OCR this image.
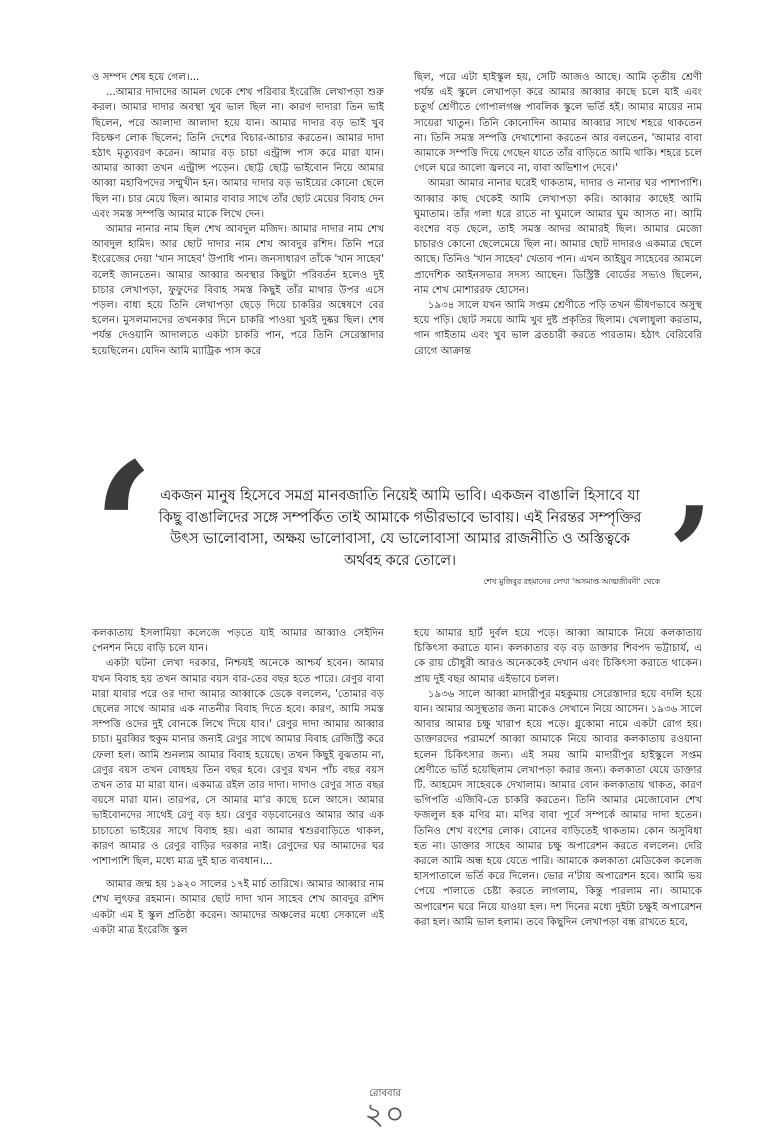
ও সম্পদ শেষ হয়ে গেল।...

...আমার দাদাদের আমল থেকে শেখ পরিবার ইংরেজি লেখাপড়া শুরু করল। আমার দাদার অবস্থা খুব ভাল ছিল না। কারণ দাদারা তিন ভাই ছিলেন, পরে আলাদা আলাদা হয়ে যান। আমার দাদার বড় ভাই খুব বিচক্ষণ লোক ছিলেন; তিনি দেশের বিচার-আচার করতেন। আমার দাদা হঠাৎ মৃত্যুবরণ করেন। আমার বড় চাচা এন্ট্রান্স পাস করে মারা যান। আমার আব্বা তখন এন্ট্রান্স পড়েন। ছোট্ট ছোট্ট ভাইবোন নিয়ে আমার আব্বা মহাবিপদের সম্মুখীন হন। আমার দাদার বড় ভাইয়ের কোনো ছেলে ছিল না। চার মেয়ে ছিল। আমার বাবার সাথে তাঁর ছোট মেয়ের বিবাহ দেন এবং সমস্ত সম্পত্তি আমার মাকে লিখে দেন।

আমার নানার নাম ছিল শেখ আবদুল মজিদ। আমার দাদার নাম শেখ আবদুল হামিদ। আর ছোট দাদার নাম শেখ আবদুর রশিদ। তিনি পরে ইংরেজের দেয়া 'খান সাহেব' উপাধি পান। জনসাধারণ তাঁকে 'খান সাহেব' বলেই জানতেন। আমার আব্বার অবস্থার কিছুটা পরিবর্তন হলেও দুই চাচার লেখাপড়া, ফুফুদের বিবাহ সমস্ত কিছুই তাঁর মাথার উপর এসে পড়ল। বাধ্য হয়ে তিনি লেখাপড়া ছেড়ে দিয়ে চাকরির অন্বেষণে বের হলেন। মুসলমানদের তখনকার দিনে চাকরি পাওয়া খুবই দুষ্কর ছিল। শেষ পর্যন্ত দেওয়ানি আদালতে একটা চাকরি পান, পরে তিনি সেরেস্তাদার হয়েছিলেন। যেদিন আমি ম্যাট্রিক পাস করে

ছিল, পরে এটা হাইস্কুল হয়, সেটি আজও আছে। আমি তৃতীয় শ্রেণী পর্যন্ত এই স্কুলে লেখাপড়া করে আমার আব্বার কাছে চলে যাই এবং চতুর্থ শ্রেণীতে গোপালগঞ্জ পাবলিক স্কুলে ভর্তি হই। আমার মায়ের নাম সায়েরা খাতুন। তিনি কোনোদিন আমার আব্বার সাথে শহরে থাকতেন না। তিনি সমস্ত সম্পত্তি দেখাশোনা করতেন আর বলতেন, 'আমার বাবা আমাকে সম্পত্তি দিয়ে গেছেন যাতে তাঁর বাড়িতে আমি থাকি। শহরে চলে গেলে ঘরে আলো জ্বলবে না, বাবা অভিশাপ দেবে।'

আমরা আমার নানার ঘরেই থাকতাম, দাদার ও নানার ঘর পাশাপাশি। আব্বার কাছ থেকেই আমি লেখাপড়া করি। আব্বার কাছেই আমি ঘুমাতাম। তাঁর গলা ধরে রাতে না ঘুমালে আমার ঘুম আসত না। আমি বংশের বড় ছেলে, তাই সমস্ত আদর আমারই ছিল। আমার মেজো চাচারও কোনো ছেলেমেয়ে ছিল না। আমার ছোট দাদারও একমাত্র ছেলে আছে। তিনিও 'খান সাহেব' খেতাব পান। এখন আইয়ুব সাহেবের আমলে প্রাদেশিক আইনসভার সদস্য আছেন। ডিস্ট্রিক্ট বোর্ডের সভ্যও ছিলেন, নাম শেখ মোশাররফ হোসেন।

১৯৩৪ সালে যখন আমি সপ্তম শ্রেণীতে পড়ি তখন ভীষণভাবে অসুস্থ হয়ে পড়ি। ছোট সময়ে আমি খুব দুষ্ট প্রকৃতির ছিলাম। খেলাধুলা করতাম, গান গাইতাম এবং খুব ভাল ব্রতচারী করতে পারতাম। হঠাৎ বেরিবেরি রোগে আক্রান্ত

‘ একজন মানুষ হিসেবে সমগ্র মানবজাতি নিয়েই আমি ভাবি। একজন বাঙালি হিসাবে যা কিছু বাঙালিদের সঙ্গে সম্পর্কিত তাই আমাকে গভীরভাবে ভাবায়। এই নিরন্তর সম্পৃক্তির উৎস ভালোবাসা, অক্ষয় ভালোবাসা, যে ভালোবাসা আমার রাজনীতি ও অস্তিত্বকে অর্থবহ করে তোলে।
শেখ মুজিবুর রহমানের লেখা 'অসমাপ্ত আত্মজীবনী' থেকে ’

কলকাতায় ইসলামিয়া কলেজে পড়তে যাই আমার আব্বাও সেইদিন পেনশন নিয়ে বাড়ি চলে যান।

একটা ঘটনা লেখা দরকার, নিশ্চয়ই অনেকে আশ্চর্য হবেন। আমার যখন বিবাহ হয় তখন আমার বয়স বার-তের বছর হতে পারে। রেণুর বাবা মারা যাবার পরে ওর দাদা আমার আব্বাকে ডেকে বললেন, 'তোমার বড় ছেলের সাথে আমার এক নাতনীর বিবাহ দিতে হবে। কারণ, আমি সমস্ত সম্পত্তি ওদের দুই বোনকে লিখে দিয়ে যাব।' রেণুর দাদা আমার আব্বার চাচা। মুরব্বির হুকুম মানার জন্যই রেণুর সাথে আমার বিবাহ রেজিস্ট্রি করে ফেলা হল। আমি শুনলাম আমার বিবাহ হয়েছে। তখন কিছুই বুঝতাম না, রেণুর বয়স তখন বোধহয় তিন বছর হবে। রেণুর যখন পাঁচ বছর বয়স তখন তার মা মারা যান। একমাত্র রইল তার দাদা। দাদাও রেণুর সাত বছর বয়সে মারা যান। তারপর, সে আমার মা'র কাছে চলে আসে। আমার ভাইবোনদের সাথেই রেণু বড় হয়। রেণুর বড়বোনেরও আমার আর এক চাচাতো ভাইয়ের সাথে বিবাহ হয়। এরা আমার শ্বশুরবাড়িতে থাকল, কারণ আমার ও রেণুর বাড়ির দরকার নাই। রেণুদের ঘর আমাদের ঘর পাশাপাশি ছিল, মধ্যে মাত্র দুই হাত ব্যবধান।...

আমার জন্ম হয় ১৯২০ সালের ১৭ই মার্চ তারিখে। আমার আব্বার নাম শেখ লুৎফর রহমান। আমার ছোট দাদা খান সাহেব শেখ আবদুর রশিদ একটা এম ই স্কুল প্রতিষ্ঠা করেন। আমাদের অঞ্চলের মধ্যে সেকালে এই একটা মাত্র ইংরেজি স্কুল

হয়ে আমার হার্ট দুর্বল হয়ে পড়ে। আব্বা আমাকে নিয়ে কলকাতায় চিকিৎসা করাতে যান। কলকাতার বড় বড় ডাক্তার শিবপদ ভট্টাচার্য, এ কে রায় চৌধুরী আরও অনেককেই দেখান এবং চিকিৎসা করাতে থাকেন। প্রায় দুই বছর আমার এইভাবে চলল।

১৯৩৬ সালে আব্বা মাদারীপুর মহকুমায় সেরেস্তাদার হয়ে বদলি হয়ে যান। আমার অসুস্থতার জন্য মাকেও সেখানে নিয়ে আসেন। ১৯৩৬ সালে আবার আমার চক্ষু খারাপ হয়ে পড়ে। গ্লুকোমা নামে একটা রোগ হয়। ডাক্তারদের পরামর্শে আব্বা আমাকে নিয়ে আবার কলকাতায় রওয়ানা হলেন চিকিৎসার জন্য। এই সময় আমি মাদারীপুর হাইস্কুলে সপ্তম শ্রেণীতে ভর্তি হয়েছিলাম লেখাপড়া করার জন্য। কলকাতা যেয়ে ডাক্তার টি. আহমেদ সাহেবকে দেখালাম। আমার বোন কলকাতায় থাকত, কারণ ভগিপতি এজিবি-তে চাকরি করতেন। তিনি আমার মেজোবোন শেখ ফজলুল হক মণির মা। মণির বাবা পূর্বে সম্পর্কে আমার দাদা হতেন। তিনিও শেখ বংশের লোক। বোনের বাড়িতেই থাকতাম। কোন অসুবিধা হত না। ডাক্তার সাহেব আমার চক্ষু অপারেশন করতে বললেন। দেরি করলে আমি অন্ধ হয়ে যেতে পারি। আমাকে কলকাতা মেডিকেল কলেজ হাসপাতালে ভর্তি করে দিলেন। ভোর ন'টায় অপারেশন হবে। আমি ভয় পেয়ে পালাতে চেষ্টা করতে লাগলাম, কিন্তু পারলাম না। আমাকে অপারেশন ঘরে নিয়ে যাওয়া হল। দশ দিনের মধ্যে দুইটা চক্ষুই অপারেশন করা হল। আমি ভাল হলাম। তবে কিছুদিন লেখাপড়া বন্ধ রাখতে হবে,

রোববার
২০
